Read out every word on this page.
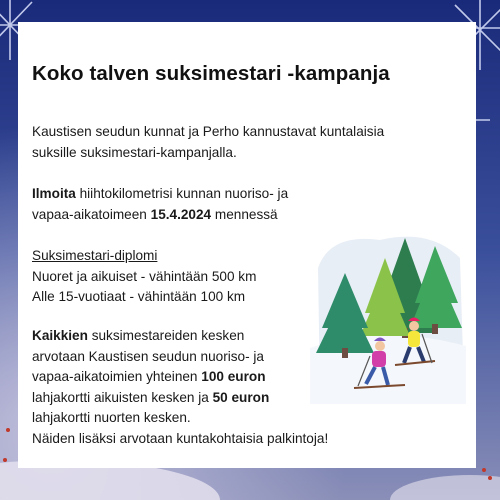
Koko talven suksimestari -kampanja

Kaustisen seudun kunnat ja Perho kannustavat kuntalaisia
suksille suksimestari-kampanjalla.

Ilmoita hiihtokilometrisi kunnan nuoriso- ja
vapaa-aikatoimeen 15.4.2024 mennessä

Suksimestari-diplomi
Nuoret ja aikuiset - vähintään 500 km
Alle 15-vuotiaat - vähintään 100 km

Kaikkien suksimestareiden kesken
arvotaan Kaustisen seudun nuoriso- ja
vapaa-aikatoimien yhteinen 100 euron
lahjakortti aikuisten kesken ja 50 euron
lahjakortti nuorten kesken.
Näiden lisäksi arvotaan kuntakohtaisia palkintoja!
